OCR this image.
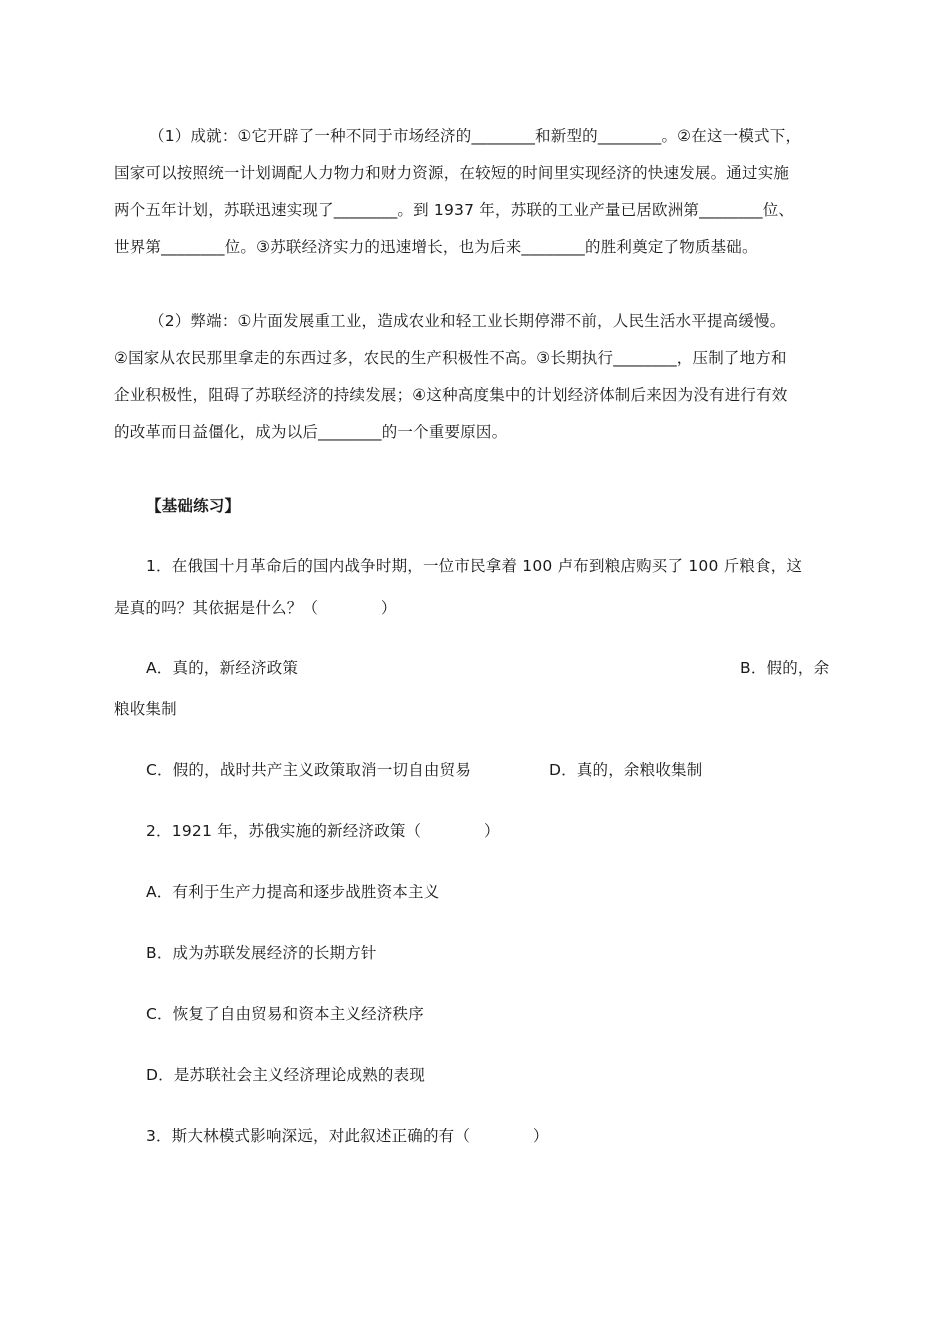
（1）成就：①它开辟了一种不同于市场经济的________和新型的________。②在这一模式下，
国家可以按照统一计划调配人力物力和财力资源，在较短的时间里实现经济的快速发展。通过实施
两个五年计划，苏联迅速实现了________。到 1937 年，苏联的工业产量已居欧洲第________位、
世界第________位。③苏联经济实力的迅速增长，也为后来________的胜利奠定了物质基础。
（2）弊端：①片面发展重工业，造成农业和轻工业长期停滞不前，人民生活水平提高缓慢。
②国家从农民那里拿走的东西过多，农民的生产积极性不高。③长期执行________，压制了地方和
企业积极性，阻碍了苏联经济的持续发展；④这种高度集中的计划经济体制后来因为没有进行有效
的改革而日益僵化，成为以后________的一个重要原因。

【基础练习】

1．在俄国十月革命后的国内战争时期，一位市民拿着 100 卢布到粮店购买了 100 斤粮食，这

是真的吗？其依据是什么？（　　　　）

A．真的，新经济政策	B．假的，余

粮收集制

C．假的，战时共产主义政策取消一切自由贸易	D．真的，余粮收集制

2．1921 年，苏俄实施的新经济政策（　　　　）

A．有利于生产力提高和逐步战胜资本主义

B．成为苏联发展经济的长期方针

C．恢复了自由贸易和资本主义经济秩序

D．是苏联社会主义经济理论成熟的表现

3．斯大林模式影响深远，对此叙述正确的有（　　　　）
